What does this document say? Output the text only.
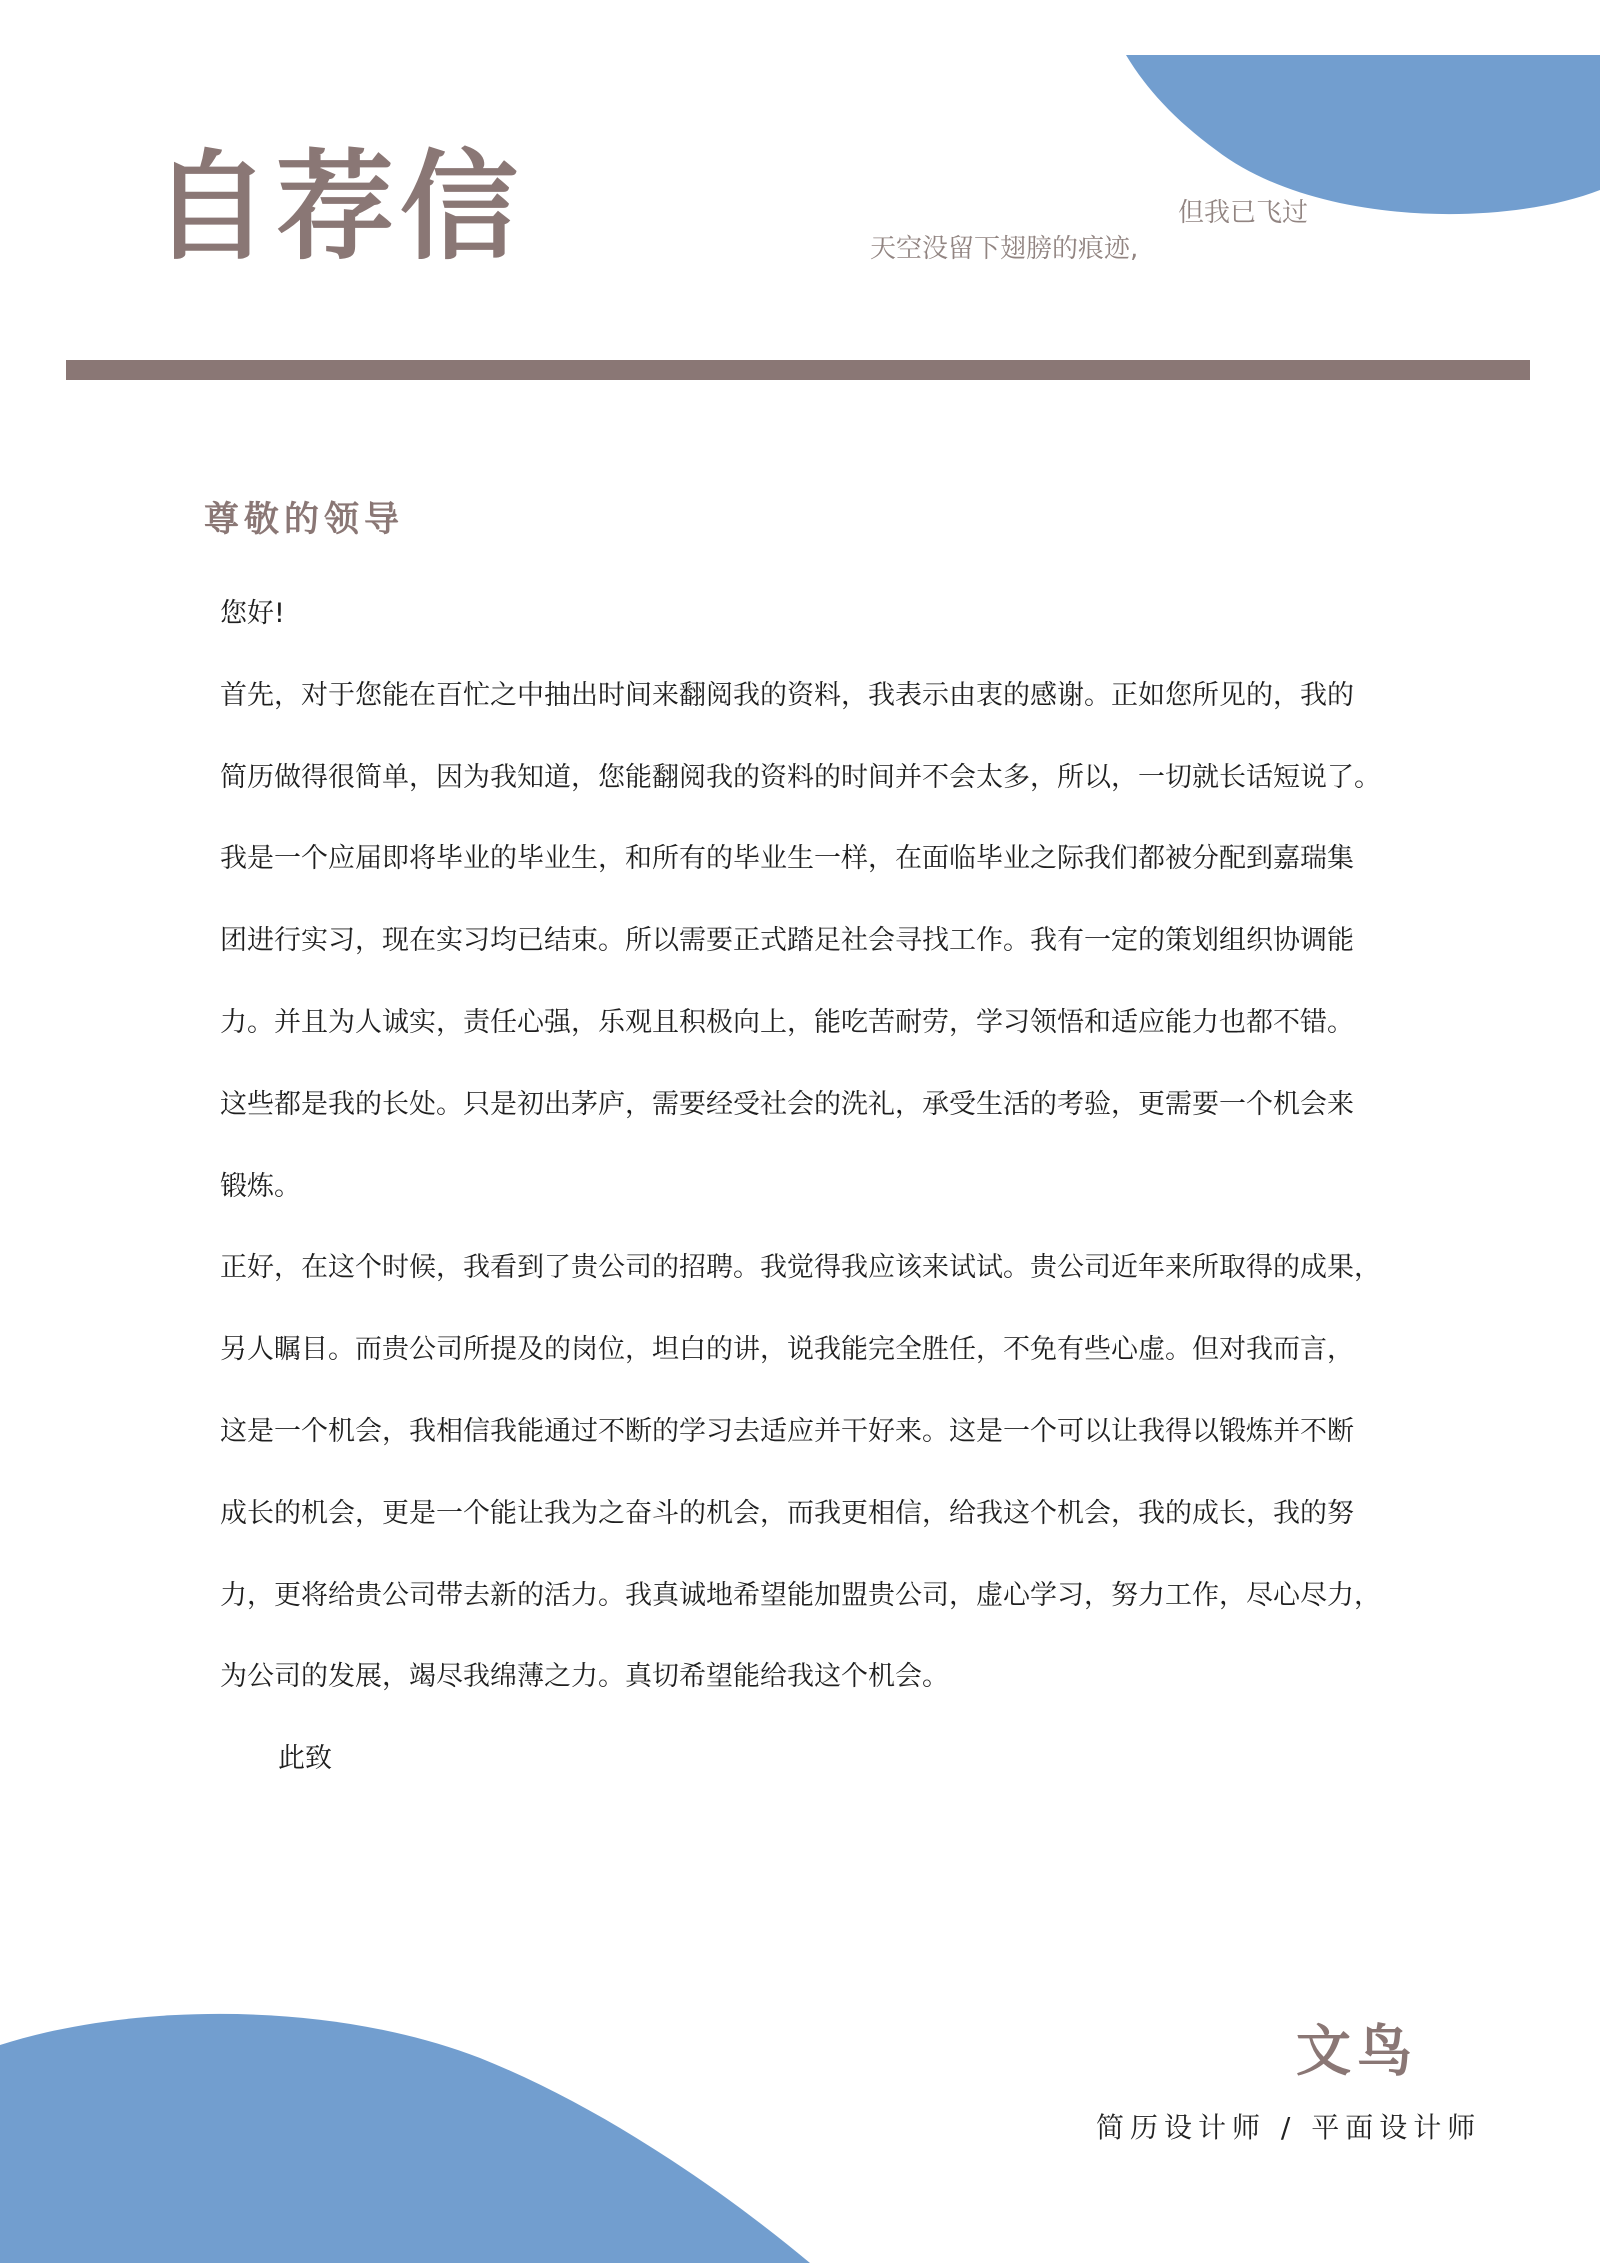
自荐信	但我已飞过
天空没留下翅膀的痕迹,
尊敬的领导
您好!
首先，对于您能在百忙之中抽出时间来翻阅我的资料，我表示由衷的感谢。正如您所见的，我的
简历做得很简单，因为我知道，您能翻阅我的资料的时间并不会太多，所以，一切就长话短说了。
我是一个应届即将毕业的毕业生，和所有的毕业生一样，在面临毕业之际我们都被分配到嘉瑞集
团进行实习，现在实习均已结束。所以需要正式踏足社会寻找工作。我有一定的策划组织协调能
力。并且为人诚实，责任心强，乐观且积极向上，能吃苦耐劳，学习领悟和适应能力也都不错。
这些都是我的长处。只是初出茅庐，需要经受社会的洗礼，承受生活的考验，更需要一个机会来
锻炼。
正好，在这个时候，我看到了贵公司的招聘。我觉得我应该来试试。贵公司近年来所取得的成果，
另人瞩目。而贵公司所提及的岗位，坦白的讲，说我能完全胜任，不免有些心虚。但对我而言，
这是一个机会，我相信我能通过不断的学习去适应并干好来。这是一个可以让我得以锻炼并不断
成长的机会，更是一个能让我为之奋斗的机会，而我更相信，给我这个机会，我的成长，我的努
力，更将给贵公司带去新的活力。我真诚地希望能加盟贵公司，虚心学习，努力工作，尽心尽力，
为公司的发展，竭尽我绵薄之力。真切希望能给我这个机会。
此致
文鸟
简历设计师 / 平面设计师
